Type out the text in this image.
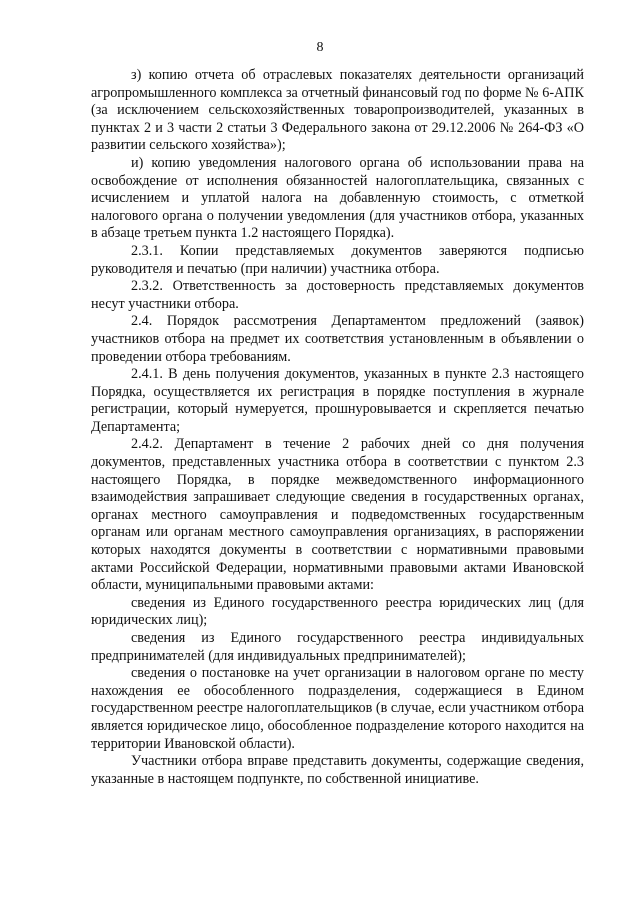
8

з) копию отчета об отраслевых показателях деятельности организаций агропромышленного комплекса за отчетный финансовый год по форме № 6-АПК (за исключением сельскохозяйственных товаропроизводителей, указанных в пунктах 2 и 3 части 2 статьи 3 Федерального закона от 29.12.2006 № 264-ФЗ «О развитии сельского хозяйства»);

и) копию уведомления налогового органа об использовании права на освобождение от исполнения обязанностей налогоплательщика, связанных с исчислением и уплатой налога на добавленную стоимость, с отметкой налогового органа о получении уведомления (для участников отбора, указанных в абзаце третьем пункта 1.2 настоящего Порядка).

2.3.1. Копии представляемых документов заверяются подписью руководителя и печатью (при наличии) участника отбора.

2.3.2. Ответственность за достоверность представляемых документов несут участники отбора.

2.4. Порядок рассмотрения Департаментом предложений (заявок) участников отбора на предмет их соответствия установленным в объявлении о проведении отбора требованиям.

2.4.1. В день получения документов, указанных в пункте 2.3 настоящего Порядка, осуществляется их регистрация в порядке поступления в журнале регистрации, который нумеруется, прошнуровывается и скрепляется печатью Департамента;

2.4.2. Департамент в течение 2 рабочих дней со дня получения документов, представленных участника отбора в соответствии с пунктом 2.3 настоящего Порядка, в порядке межведомственного информационного взаимодействия запрашивает следующие сведения в государственных органах, органах местного самоуправления и подведомственных государственным органам или органам местного самоуправления организациях, в распоряжении которых находятся документы в соответствии с нормативными правовыми актами Российской Федерации, нормативными правовыми актами Ивановской области, муниципальными правовыми актами:

сведения из Единого государственного реестра юридических лиц (для юридических лиц);

сведения из Единого государственного реестра индивидуальных предпринимателей (для индивидуальных предпринимателей);

сведения о постановке на учет организации в налоговом органе по месту нахождения ее обособленного подразделения, содержащиеся в Едином государственном реестре налогоплательщиков (в случае, если участником отбора является юридическое лицо, обособленное подразделение которого находится на территории Ивановской области).

Участники отбора вправе представить документы, содержащие сведения, указанные в настоящем подпункте, по собственной инициативе.
